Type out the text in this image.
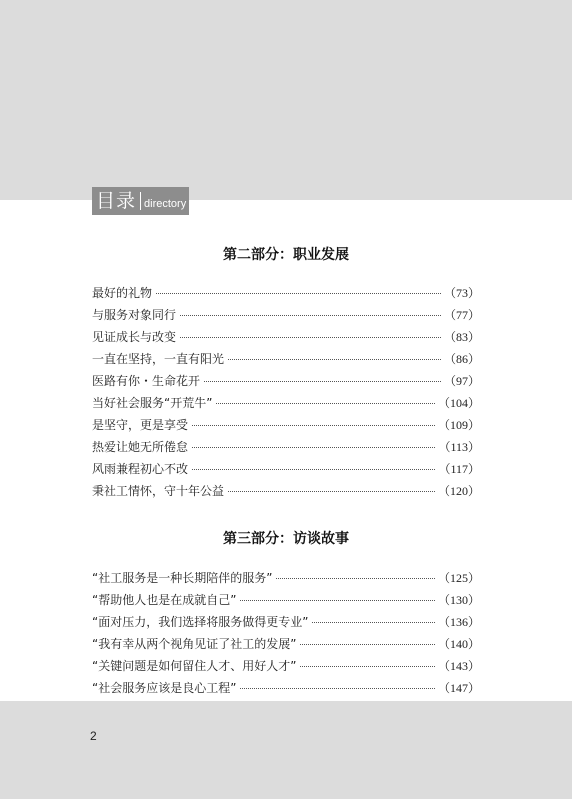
目录 directory
第二部分：职业发展
最好的礼物	（73）
与服务对象同行	（77）
见证成长与改变	（83）
一直在坚持，一直有阳光	（86）
医路有你・生命花开	（97）
当好社会服务“开荒牛”	（104）
是坚守，更是享受	（109）
热爱让她无所倦怠	（113）
风雨兼程初心不改	（117）
秉社工情怀，守十年公益	（120）
第三部分：访谈故事
“社工服务是一种长期陪伴的服务”	（125）
“帮助他人也是在成就自己”	（130）
“面对压力，我们选择将服务做得更专业”	（136）
“我有幸从两个视角见证了社工的发展”	（140）
“关键问题是如何留住人才、用好人才”	（143）
“社会服务应该是良心工程”	（147）
2
